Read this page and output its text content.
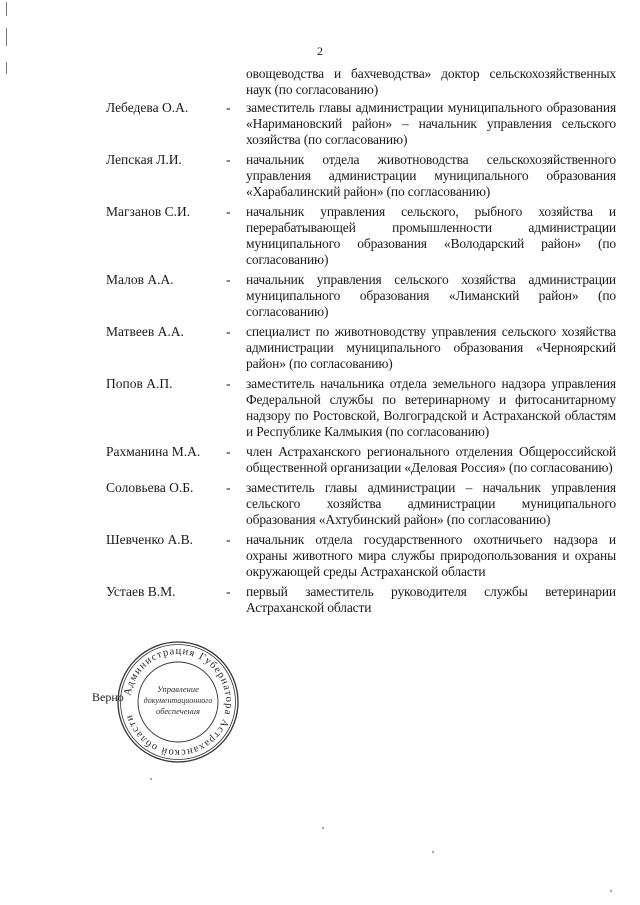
2
овощеводства и бахчеводства» доктор сельскохозяйственных наук (по согласованию)
Лебедева О.А.	- заместитель главы администрации муниципального образования «Наримановский район» – начальник управления сельского хозяйства (по согласованию)
Лепская Л.И.	- начальник отдела животноводства сельскохозяйственного управления администрации муниципального образования «Харабалинский район» (по согласованию)
Магзанов С.И.	- начальник управления сельского, рыбного хозяйства и перерабатывающей промышленности администрации муниципального образования «Володарский район» (по согласованию)
Малов А.А.	- начальник управления сельского хозяйства администрации муниципального образования «Лиманский район» (по согласованию)
Матвеев А.А.	- специалист по животноводству управления сельского хозяйства администрации муниципального образования «Черноярский район» (по согласованию)
Попов А.П.	- заместитель начальника отдела земельного надзора управления Федеральной службы по ветеринарному и фитосанитарному надзору по Ростовской, Волгоградской и Астраханской областям и Республике Калмыкия (по согласованию)
Рахманина М.А. - член Астраханского регионального отделения Общероссийской общественной организации «Деловая Россия» (по согласованию)
Соловьева О.Б. - заместитель главы администрации – начальник управления сельского хозяйства администрации муниципального образования «Ахтубинский район» (по согласованию)
Шевченко А.В. - начальник отдела государственного охотничьего надзора и охраны животного мира службы природопользования и охраны окружающей среды Астраханской области
Устаев В.М.	- первый заместитель руководителя службы ветеринарии Астраханской области
Администрация Губернатора Астраханской области
Управление
документационного
обеспечения
Верно
